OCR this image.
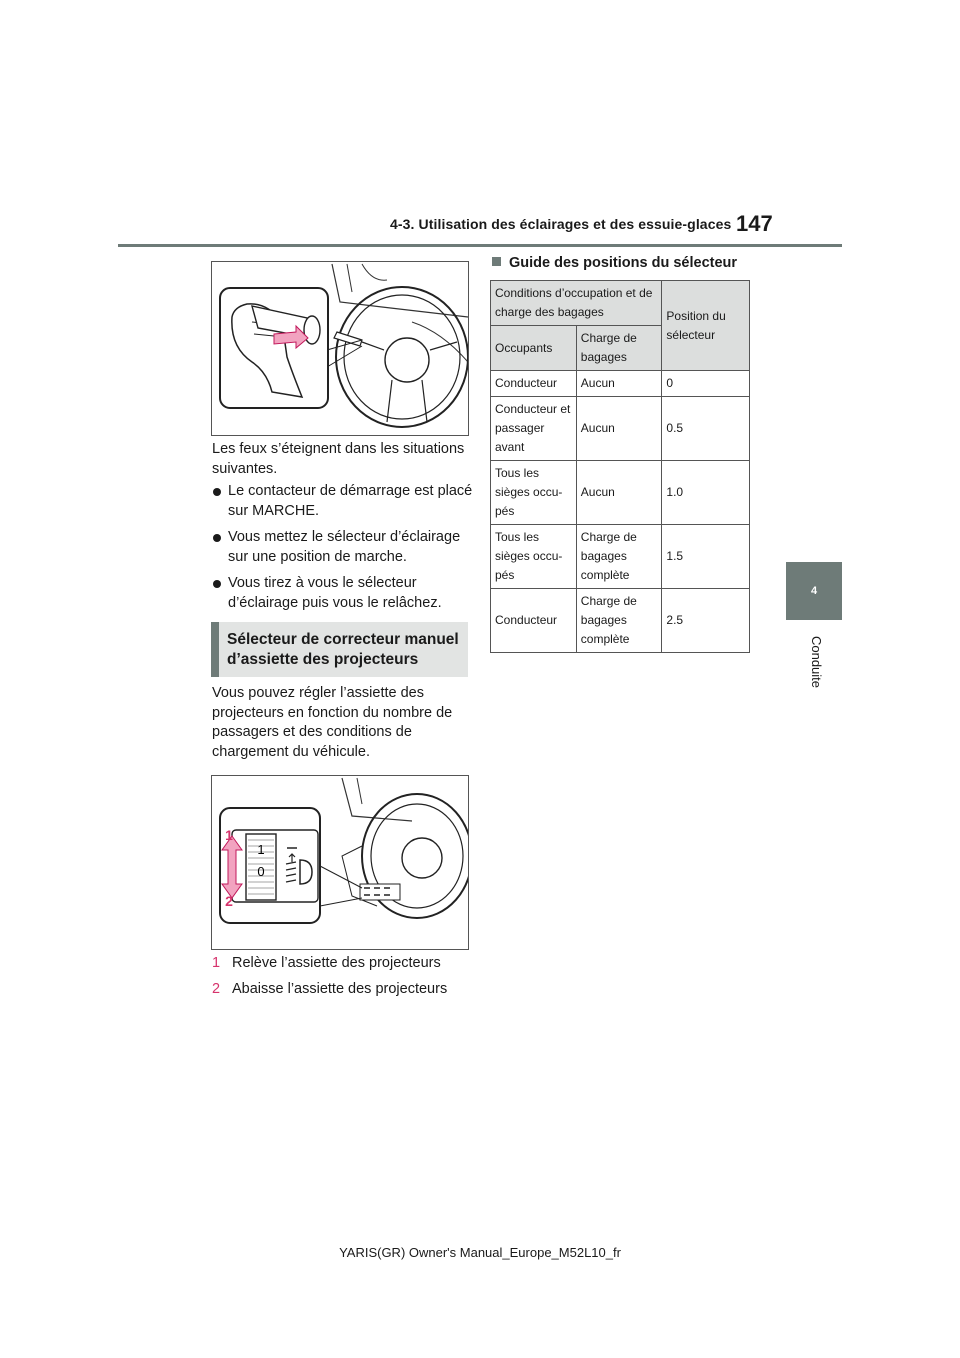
4-3. Utilisation des éclairages et des essuie-glaces 147
4
Conduite
Les feux s’éteignent dans les situations suivantes.
Le contacteur de démarrage est placé sur MARCHE.
Vous mettez le sélecteur d’éclairage sur une position de marche.
Vous tirez à vous le sélecteur d’éclairage puis vous le relâchez.
Sélecteur de correcteur manuel d’assiette des projecteurs
Vous pouvez régler l’assiette des projecteurs en fonction du nombre de passagers et des conditions de chargement du véhicule.
1
0
1
2
1 Relève l’assiette des projecteurs
2 Abaisse l’assiette des projecteurs
Guide des positions du sélecteur
Conditions d’occupation et de charge des bagages		Position du sélecteur
Occupants	Charge de bagages	
Conducteur	Aucun	0
Conducteur et passager avant	Aucun	0.5
Tous les sièges occu-pés	Aucun	1.0
Tous les sièges occu-pés	Charge de bagages complète	1.5
Conducteur	Charge de bagages complète	2.5
YARIS(GR) Owner's Manual_Europe_M52L10_fr
